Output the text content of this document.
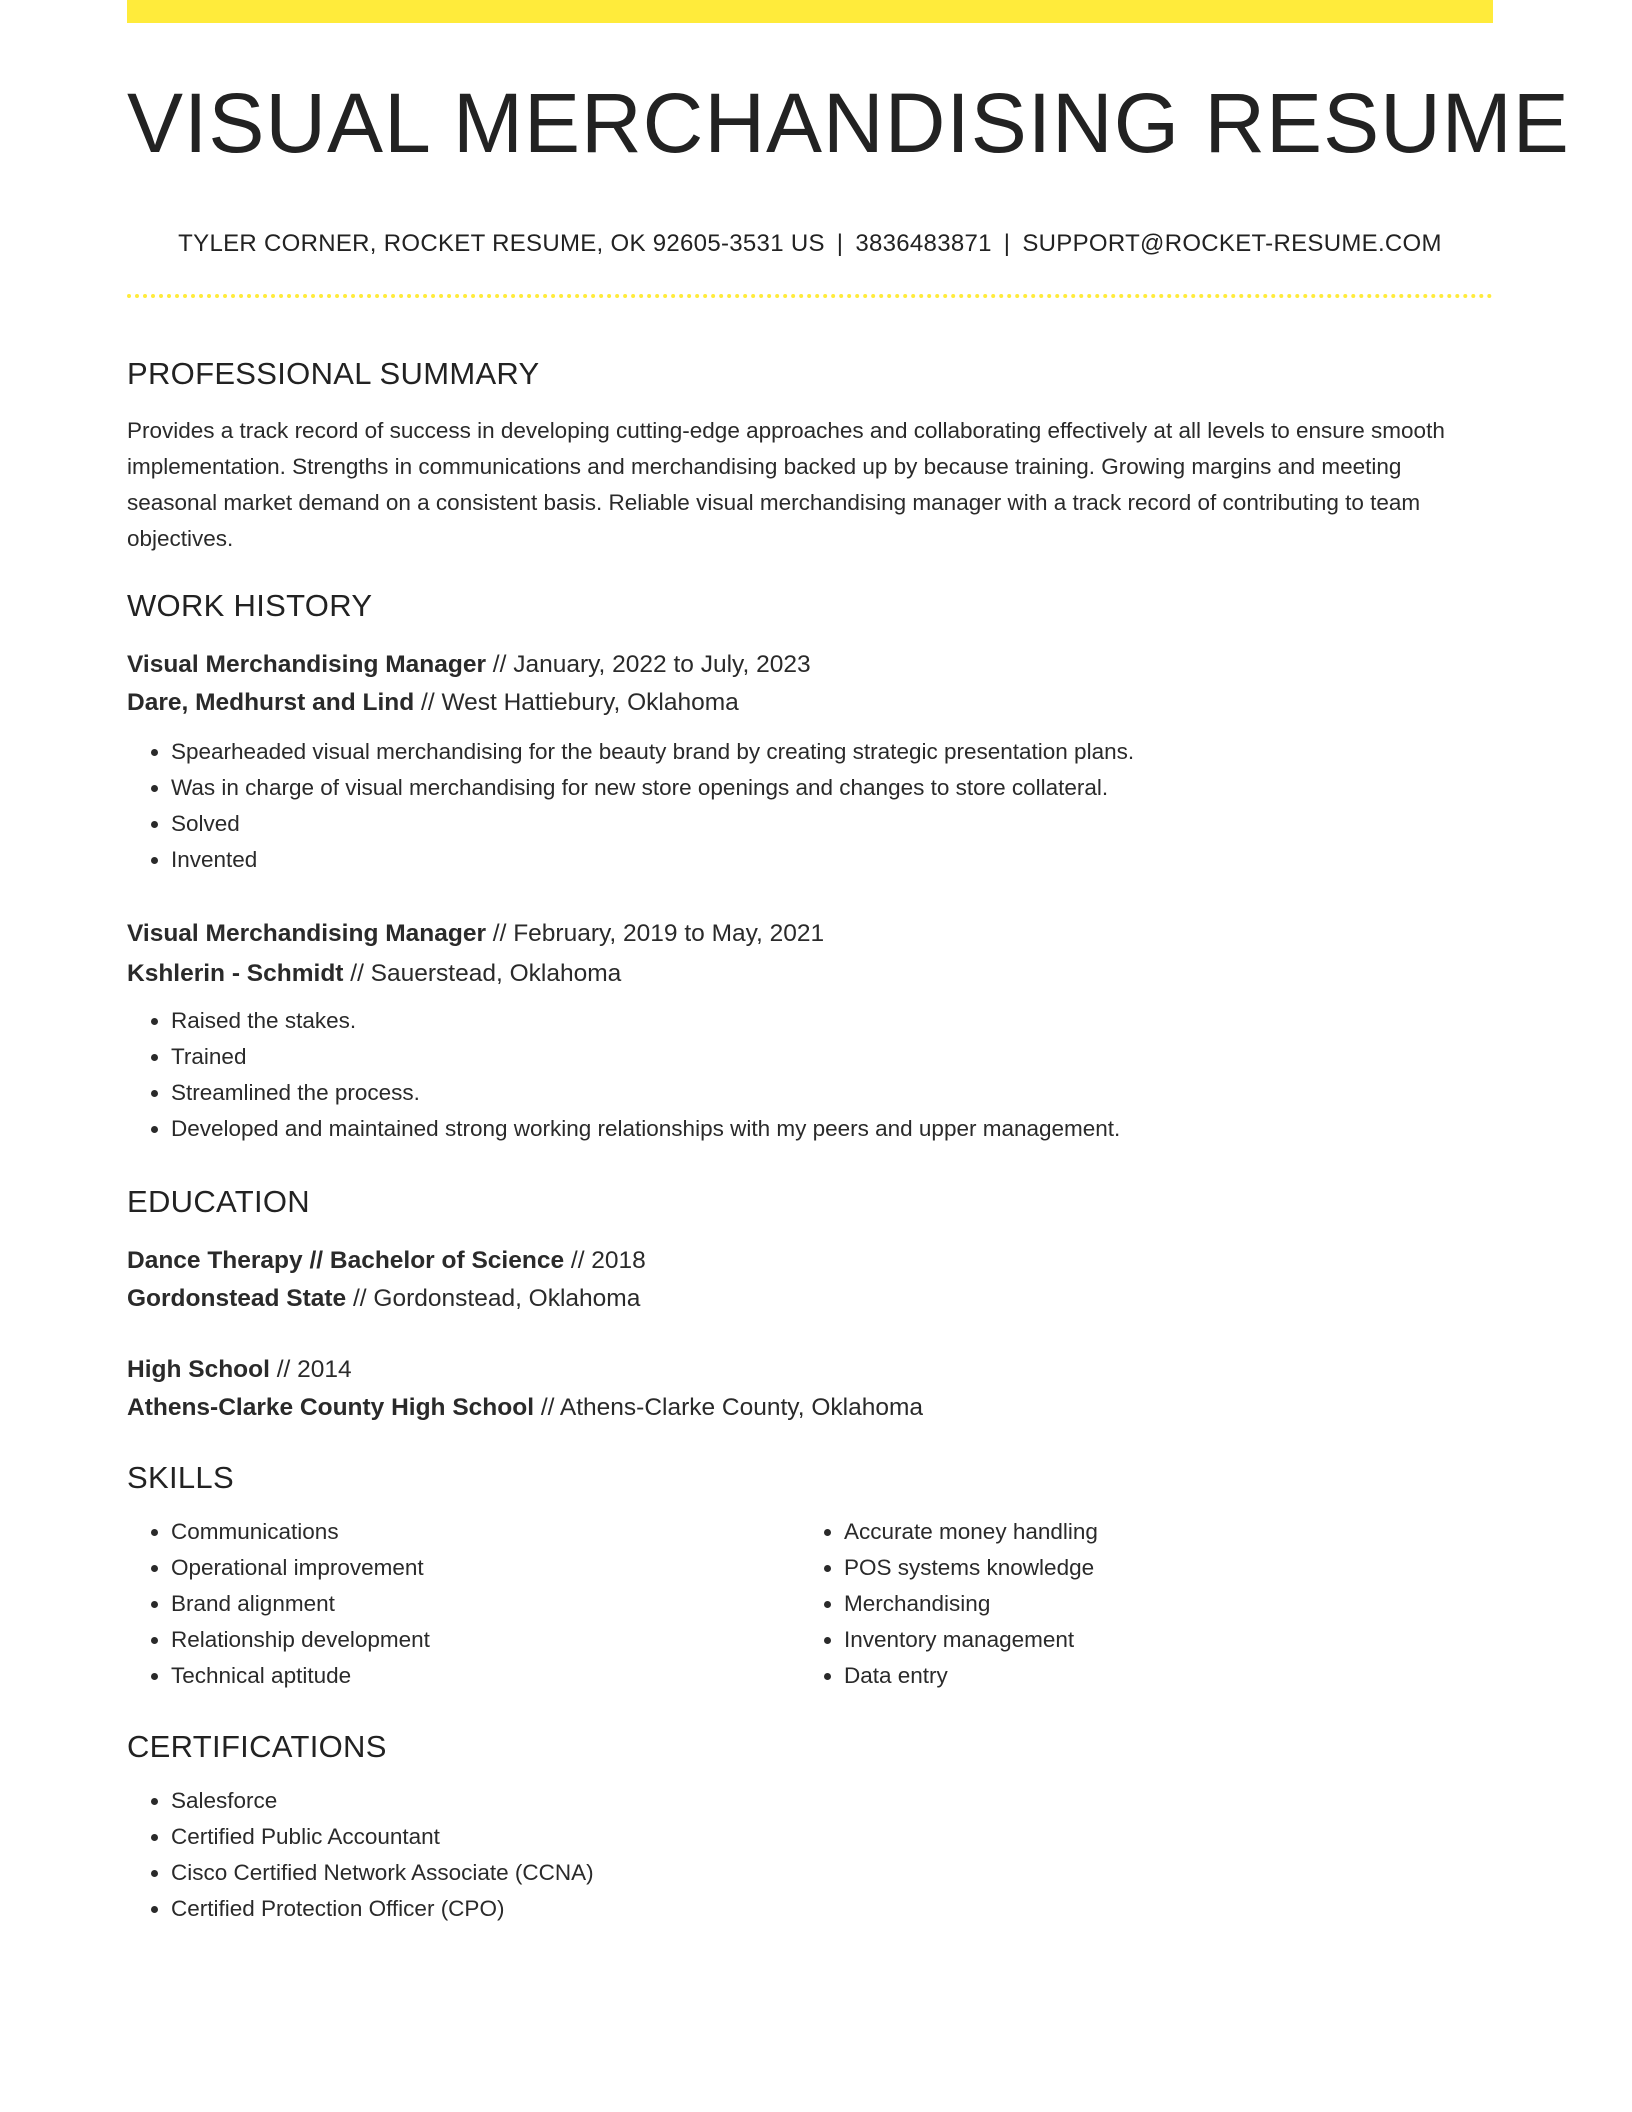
VISUAL MERCHANDISING RESUME
TYLER CORNER, ROCKET RESUME, OK 92605-3531 US | 3836483871 | SUPPORT@ROCKET-RESUME.COM
PROFESSIONAL SUMMARY

Provides a track record of success in developing cutting-edge approaches and collaborating effectively at all levels to ensure smooth implementation. Strengths in communications and merchandising backed up by because training. Growing margins and meeting seasonal market demand on a consistent basis. Reliable visual merchandising manager with a track record of contributing to team objectives.

WORK HISTORY
Visual Merchandising Manager // January, 2022 to July, 2023
Dare, Medhurst and Lind // West Hattiebury, Oklahoma
• Spearheaded visual merchandising for the beauty brand by creating strategic presentation plans.
• Was in charge of visual merchandising for new store openings and changes to store collateral.
• Solved
• Invented
Visual Merchandising Manager // February, 2019 to May, 2021
Kshlerin - Schmidt // Sauerstead, Oklahoma
• Raised the stakes.
• Trained
• Streamlined the process.
• Developed and maintained strong working relationships with my peers and upper management.
EDUCATION
Dance Therapy // Bachelor of Science // 2018
Gordonstead State // Gordonstead, Oklahoma
High School // 2014
Athens-Clarke County High School // Athens-Clarke County, Oklahoma
SKILLS
• Communications
• Operational improvement
• Brand alignment
• Relationship development
• Technical aptitude
• Accurate money handling
• POS systems knowledge
• Merchandising
• Inventory management
• Data entry
CERTIFICATIONS
• Salesforce
• Certified Public Accountant
• Cisco Certified Network Associate (CCNA)
• Certified Protection Officer (CPO)
